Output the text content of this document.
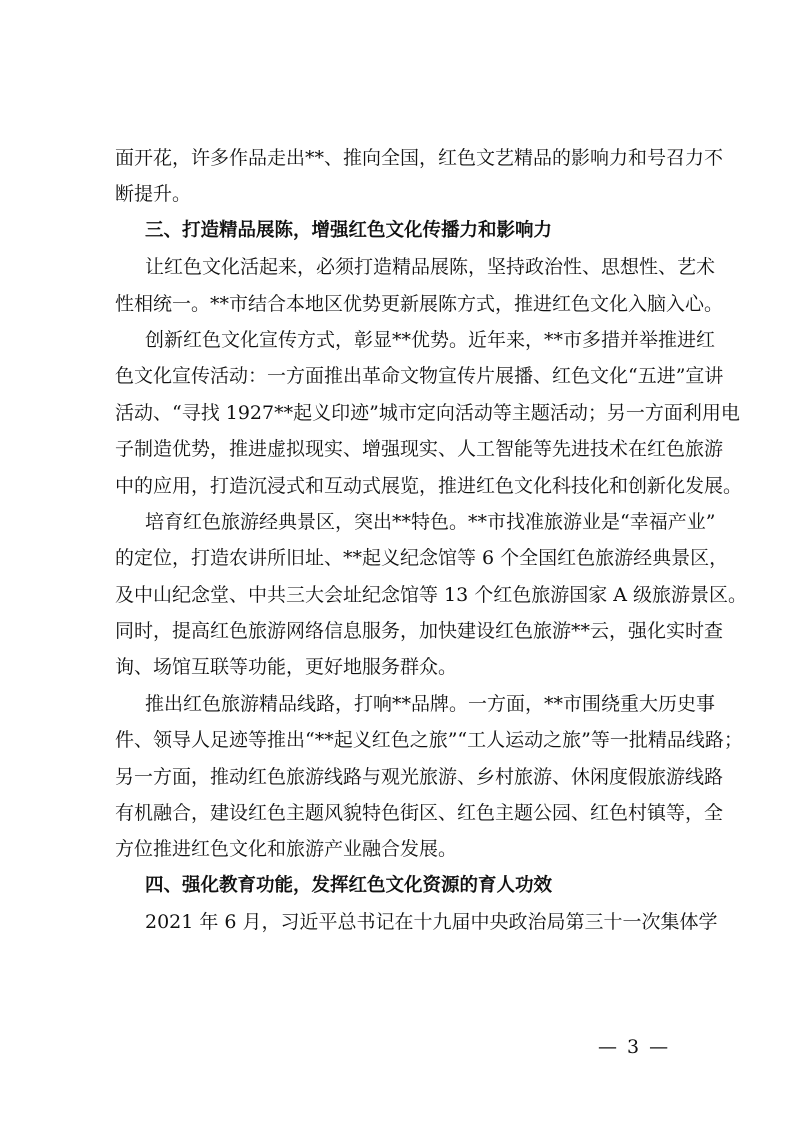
面开花，许多作品走出**、推向全国，红色文艺精品的影响力和号召力不
断提升。
三、打造精品展陈，增强红色文化传播力和影响力
让红色文化活起来，必须打造精品展陈，坚持政治性、思想性、艺术
性相统一。**市结合本地区优势更新展陈方式，推进红色文化入脑入心。
创新红色文化宣传方式，彰显**优势。近年来，**市多措并举推进红
色文化宣传活动：一方面推出革命文物宣传片展播、红色文化“五进”宣讲
活动、“寻找 1927**起义印迹”城市定向活动等主题活动；另一方面利用电
子制造优势，推进虚拟现实、增强现实、人工智能等先进技术在红色旅游
中的应用，打造沉浸式和互动式展览，推进红色文化科技化和创新化发展。
培育红色旅游经典景区，突出**特色。**市找准旅游业是“幸福产业”
的定位，打造农讲所旧址、**起义纪念馆等 6 个全国红色旅游经典景区，
及中山纪念堂、中共三大会址纪念馆等 13 个红色旅游国家 A 级旅游景区。
同时，提高红色旅游网络信息服务，加快建设红色旅游**云，强化实时查
询、场馆互联等功能，更好地服务群众。
推出红色旅游精品线路，打响**品牌。一方面，**市围绕重大历史事
件、领导人足迹等推出“**起义红色之旅”“工人运动之旅”等一批精品线路；
另一方面，推动红色旅游线路与观光旅游、乡村旅游、休闲度假旅游线路
有机融合，建设红色主题风貌特色街区、红色主题公园、红色村镇等，全
方位推进红色文化和旅游产业融合发展。
四、强化教育功能，发挥红色文化资源的育人功效
2021 年 6 月，习近平总书记在十九届中央政治局第三十一次集体学
— 3 —
